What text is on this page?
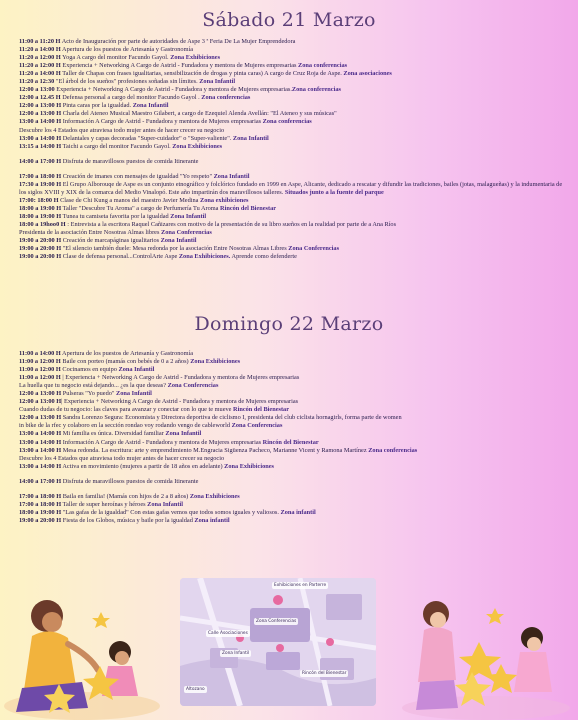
Sábado 21 Marzo
11:00 a 11:20 H Acto de Inauguración por parte de autoridades de Aspe 3 ª Feria De La Mujer Emprendedora
11:20 a 14:00 H Apertura de los puestos de Artesanía y Gastronomía
11:20 a 12:00 H Yoga A cargo del monitor Facundo Gayol. Zona Exhibiciones
11:20 a 12:00 H Experiencia + Networking A Cargo de Astrid - Fundadora y mentora de Mujeres empresarias Zona conferencias
11:20 a 14:00 H Taller de Chapas con frases igualitarias, sensibilización de drogas y pinta caras) A cargo de Cruz Roja de Aspe. Zona asociaciones
11:20 a 12:30 "El árbol de los sueños" profesiones soñadas sin límites. Zona Infantil
12:00 a 13:00 Experiencia + Networking A Cargo de Astrid - Fundadora y mentora de Mujeres empresarias.Zona conferencias
12:00 a 12.45 H Defensa personal a cargo del monitor Facundo Gayol . Zona conferencias
12:00 a 13:00 H Pinta caras por la igualdad. Zona Infantil
12:00 a 13:00 H Charla del Ateneo Musical Maestro Gilabert, a cargo de Ezequiel Alenda Avellán: "El Ateneo y sus músicas"
13:00 a 14:00 H Información A Cargo de Astrid - Fundadora y mentora de Mujeres empresarias Zona conferencias
Descubre los 4 Estados que atraviesa todo mujer antes de hacer crecer su negocio
13:00 a 14:00 H Delantales y capas decoradas "Super-cuidador" o "Super-valiente". Zona Infantil
13:15 a 14:00 H Taichi a cargo del monitor Facundo Gayol. Zona Exhibiciones
14:00 a 17:00 H Disfruta de maravillosos puestos de comida Itinerante
17:00 a 18:00 H Creación de imanes con mensajes de igualdad "Yo respeto" Zona Infantil
17:30 a 19:00 H El Grupo Alborouqe de Aspe es un conjunto etnográfico y folclórico fundado en 1999 en Aspe, Alicante, dedicado a rescatar y difundir las tradiciones, bailes (jotas, malagueñas) y la indumentaria de los siglos XVIII y XIX de la comarca del Medio Vinalopó. Este año impartirán dos maravillosos talleres. Situados junto a la fuente del parque
17:00: 18:00 H Clase de Chi Kung a manos del maestro Javier Medina Zona exhibiciones
18:00 a 19:00 H Taller "Descubre Tu Aroma" a cargo de Perfumería Tu Aroma Rincón del Bienestar
18:00 a 19:00 H Tunea tu camiseta favorita por la igualdad Zona Infantil
18:00 a 19hoo0 H : Entrevista a la escritora Raquel Cañizares con motivo de la presentación de su libro sueños en la realidad por parte de a Ana Ríos
Presidenta de la asociación Entre Nosotras Almas libres Zona Conferencias
19:00 a 20:00 H Creación de marcapáginas igualitarios Zona Infantil
19:00 a 20:00 H "El silencio también duele: Mesa redonda por la asociación Entre Nosotras Almas Libres Zona Conferencias
19:00 a 20:00 H Clase de defensa personal...ControlArte Aspe Zona Exhibiciones. Aprende como defenderte
Domingo 22 Marzo
11:00 a 14:00 H Apertura de los puestos de Artesanía y Gastronomía
11:00 a 12:00 H Baile con porteo (mamás con bebés de 0 a 2 años) Zona Exhibiciones
11:00 a 12:00 H Cocinamos en equipo Zona Infantil
11:00 a 12:00 H | Experiencia + Networking A Cargo de Astrid - Fundadora y mentora de Mujeres empresarias
La huella que tu negocio está dejando... ¿es la que deseas? Zona Conferencias
12:00 a 13:00 H Pulseras "Yo puedo" Zona Infantil
12:00 a 13:00 H| Experiencia + Networking A Cargo de Astrid - Fundadora y mentora de Mujeres empresarias
Cuando dudas de tu negocio: las claves para avanzar y conectar con lo que te mueve Rincón del Bienestar
12:00 a 13:00 H Sandra Lorenzo Segura: Economista y Directora deportiva de ciclismo I, presidenta del club ciclista hornagirls, forma parte de women
in bike de la rfec y colaboro en la sección rondao voy rodando vengo de cableworld Zona Conferencias
13:00 a 14:00 H Mi familia es única. Diversidad familiar Zona Infantil
13:00 a 14:00 H Información A Cargo de Astrid - Fundadora y mentora de Mujeres empresarias Rincón del Bienestar
13:00 a 14:00 H Mesa redonda. La escritura: arte y emprendimiento M.Engracia Sigüenza Pacheco, Marianne Vicent y Ramona Martínez Zona conferencias
Descubre los 4 Estados que atraviesa todo mujer antes de hacer crecer su negocio
13:00 a 14:00 H Activa en movimiento (mujeres a partir de 18 años en adelante) Zona Exhibiciones
14:00 a 17:00 H Disfruta de maravillosos puestos de comida Itinerante
17:00 a 18:00 H Baila en familia! (Mamás con hijos de 2 a 8 años) Zona Exhibiciones
17:00 a 18:00 H Taller de super heroínas y héroes Zona Infantil
18:00 a 19:00 H "Las gafas de la igualdad" Con estas gafas vemos que todos somos iguales y valiosos. Zona infantil
19:00 a 20:00 H Fiesta de los Globos, música y baile por la igualdad Zona infantil
Exhibiciones en Parterre
Zona Conferencias
Calle Asociaciones
Zona Infantil
Rincón del Bienestar
Altozano
